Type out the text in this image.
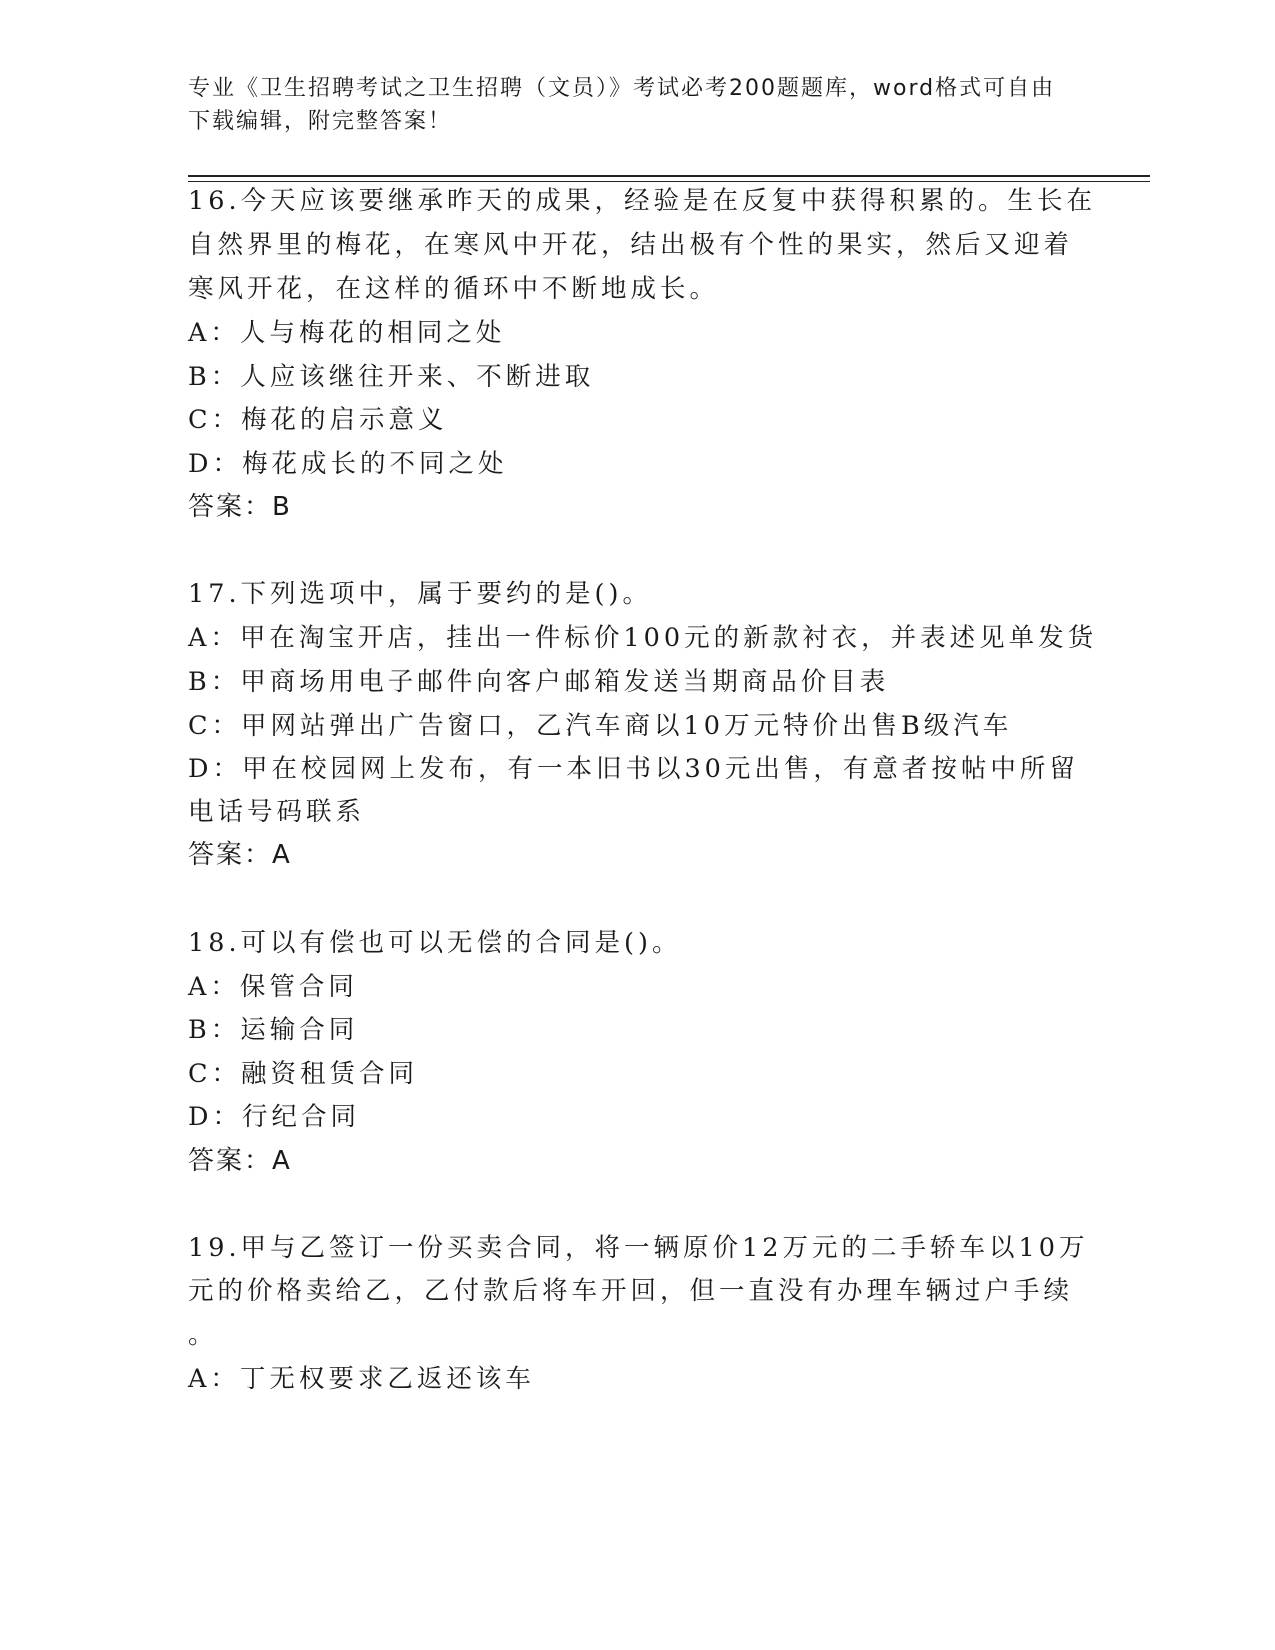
专业《卫生招聘考试之卫生招聘（文员）》考试必考200题题库，word格式可自由下载编辑，附完整答案！
16.今天应该要继承昨天的成果，经验是在反复中获得积累的。生长在
自然界里的梅花，在寒风中开花，结出极有个性的果实，然后又迎着
寒风开花，在这样的循环中不断地成长。
A：人与梅花的相同之处
B：人应该继往开来、不断进取
C：梅花的启示意义
D：梅花成长的不同之处
答案：B
17.下列选项中，属于要约的是()。
A：甲在淘宝开店，挂出一件标价100元的新款衬衣，并表述见单发货
B：甲商场用电子邮件向客户邮箱发送当期商品价目表
C：甲网站弹出广告窗口，乙汽车商以10万元特价出售B级汽车
D：甲在校园网上发布，有一本旧书以30元出售，有意者按帖中所留
电话号码联系
答案：A
18.可以有偿也可以无偿的合同是()。
A：保管合同
B：运输合同
C：融资租赁合同
D：行纪合同
答案：A
19.甲与乙签订一份买卖合同，将一辆原价12万元的二手轿车以10万
元的价格卖给乙，乙付款后将车开回，但一直没有办理车辆过户手续
。
A：丁无权要求乙返还该车
